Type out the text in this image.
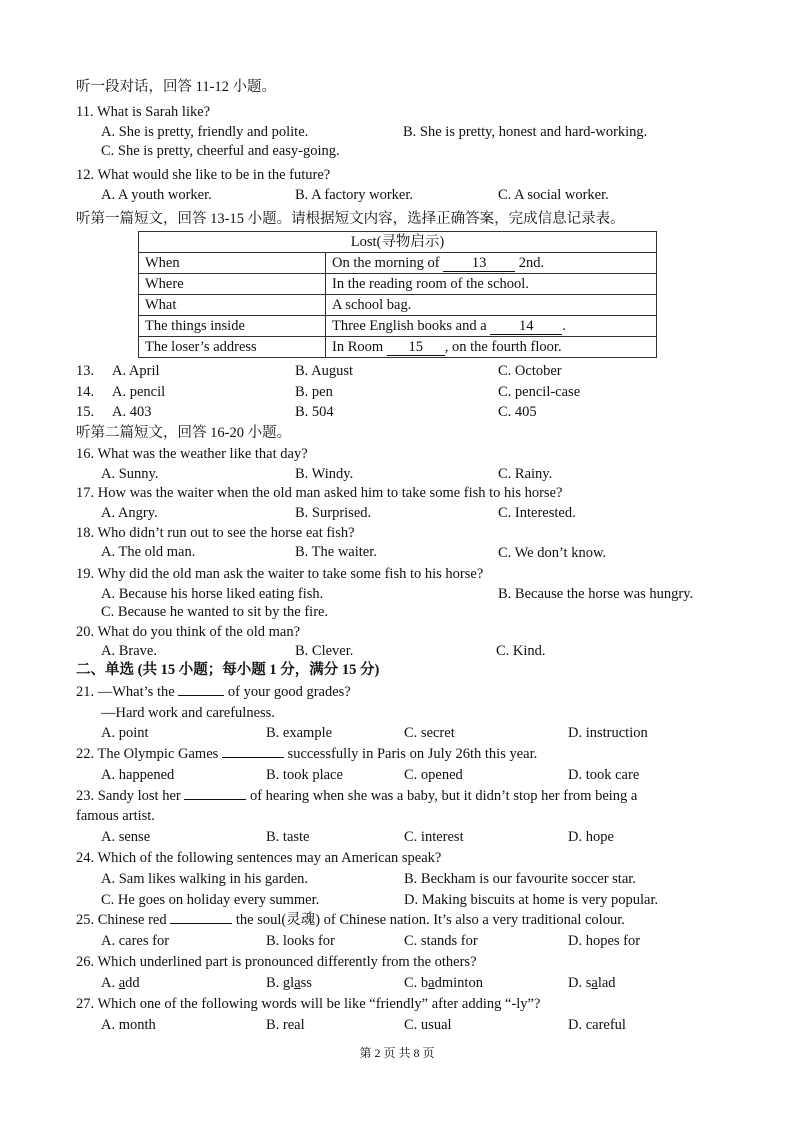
听一段对话，回答 11-12 小题。
11. What is Sarah like?
A. She is pretty, friendly and polite.	B. She is pretty, honest and hard-working.
C. She is pretty, cheerful and easy-going.
12. What would she like to be in the future?
A. A youth worker.	B. A factory worker.	C. A social worker.
听第一篇短文，回答 13-15 小题。请根据短文内容，选择正确答案，完成信息记录表。
Lost(寻物启示)	
When	On the morning of 13 2nd.
Where	In the reading room of the school.
What	A school bag.
The things inside	Three English books and a 14 .
The loser’s address	In Room 15 , on the fourth floor.
13. A. April	B. August	C. October
14. A. pencil	B. pen	C. pencil-case
15. A. 403	B. 504	C. 405
听第二篇短文，回答 16-20 小题。
16. What was the weather like that day?
A. Sunny.	B. Windy.	C. Rainy.
17. How was the waiter when the old man asked him to take some fish to his horse?
A. Angry.	B. Surprised.	C. Interested.
18. Who didn’t run out to see the horse eat fish?
A. The old man.	B. The waiter.	C. We don’t know.
19. Why did the old man ask the waiter to take some fish to his horse?
A. Because his horse liked eating fish.	B. Because the horse was hungry.
C. Because he wanted to sit by the fire.
20. What do you think of the old man?
A. Brave.	B. Clever.	C. Kind.
二、单选 (共 15 小题；每小题 1 分，满分 15 分)
21. —What’s the	of your good grades?
—Hard work and carefulness.
A. point	B. example	C. secret	D. instruction
22. The Olympic Games	successfully in Paris on July 26th this year.
A. happened	B. took place	C. opened	D. took care
23. Sandy lost her	of hearing when she was a baby, but it didn’t stop her from being a
famous artist.
A. sense	B. taste	C. interest	D. hope
24. Which of the following sentences may an American speak?
A. Sam likes walking in his garden.	B. Beckham is our favourite soccer star.
C. He goes on holiday every summer.	D. Making biscuits at home is very popular.
25. Chinese red	the soul(灵魂) of Chinese nation. It’s also a very traditional colour.
A. cares for	B. looks for	C. stands for	D. hopes for
26. Which underlined part is pronounced differently from the others?
A. add	B. glass	C. badminton	D. salad
27. Which one of the following words will be like “friendly” after adding “-ly”?
A. month	B. real	C. usual	D. careful
第 2 页 共 8 页
